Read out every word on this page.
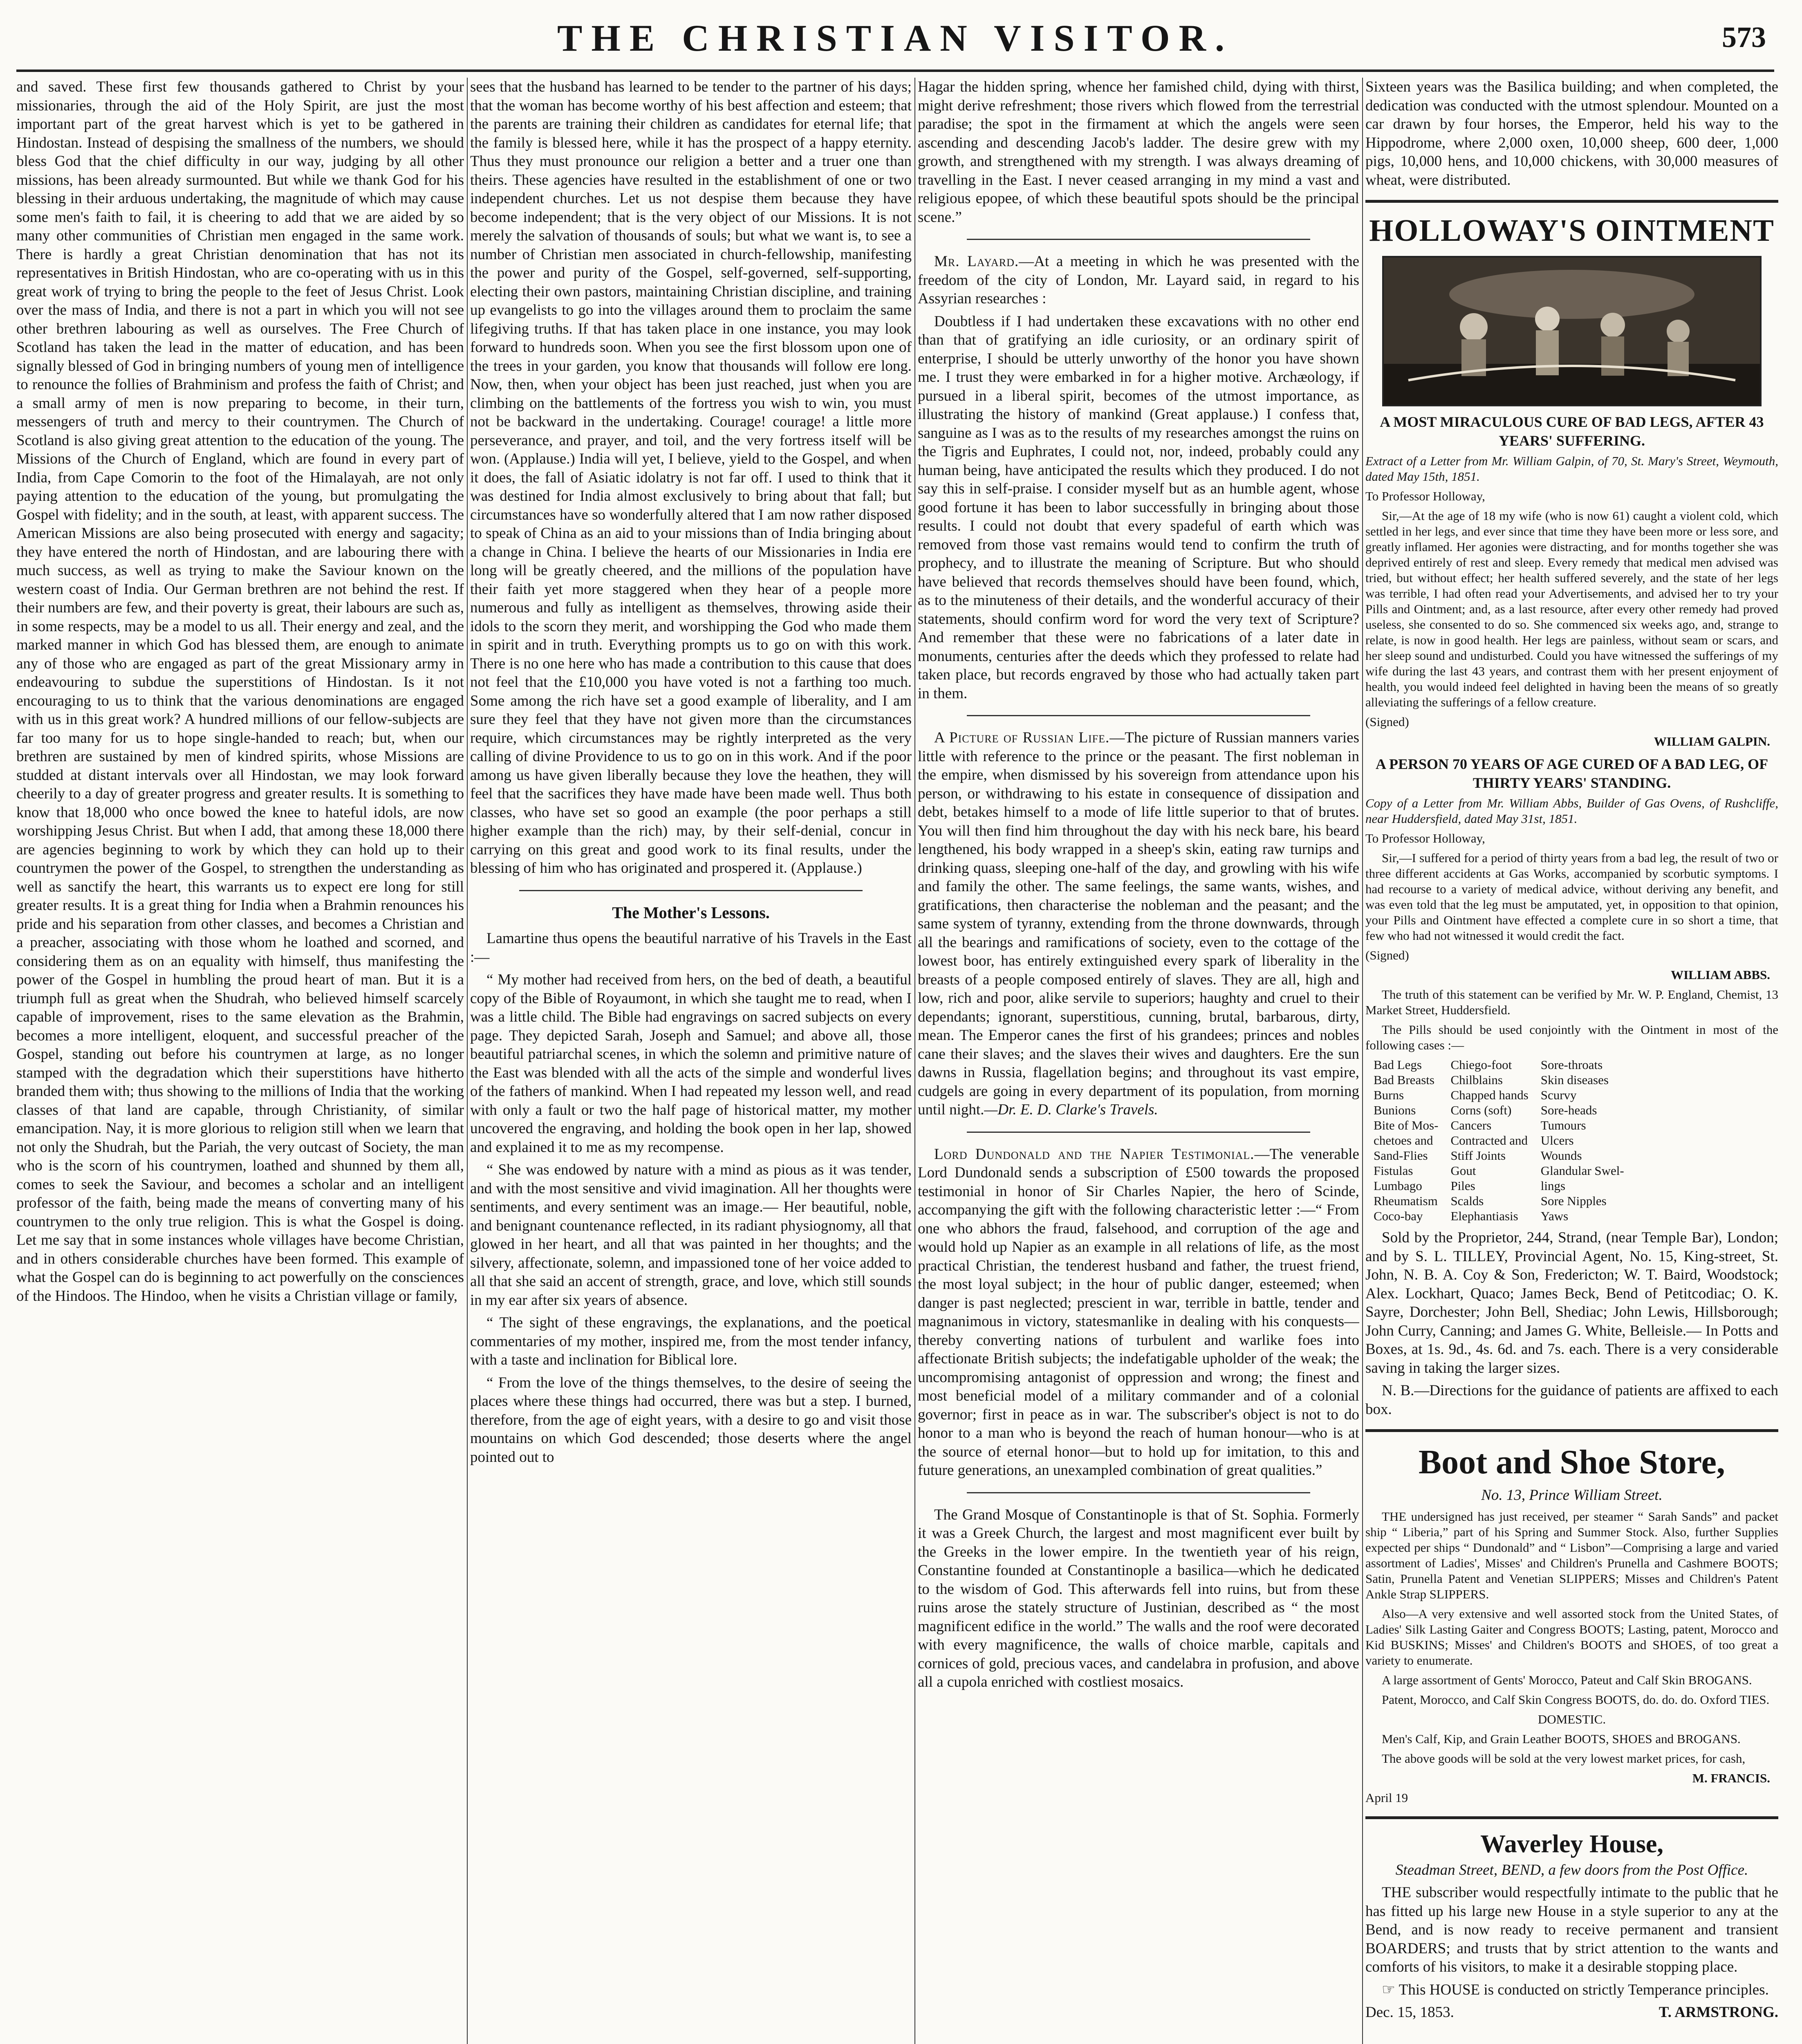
THE CHRISTIAN VISITOR.	573

and saved. These first few thousands gathered to Christ by your missionaries, through the aid of the Holy Spirit, are just the most important part of the great harvest which is yet to be gathered in Hindostan. Instead of despising the smallness of the numbers, we should bless God that the chief difficulty in our way, judging by all other missions, has been already surmounted. But while we thank God for his blessing in their arduous undertaking, the magnitude of which may cause some men's faith to fail, it is cheering to add that we are aided by so many other communities of Christian men engaged in the same work. There is hardly a great Christian denomination that has not its representatives in British Hindostan, who are co-operating with us in this great work of trying to bring the people to the feet of Jesus Christ. Look over the mass of India, and there is not a part in which you will not see other brethren labouring as well as ourselves. The Free Church of Scotland has taken the lead in the matter of education, and has been signally blessed of God in bringing numbers of young men of intelligence to renounce the follies of Brahminism and profess the faith of Christ; and a small army of men is now preparing to become, in their turn, messengers of truth and mercy to their countrymen. The Church of Scotland is also giving great attention to the education of the young. The Missions of the Church of England, which are found in every part of India, from Cape Comorin to the foot of the Himalayah, are not only paying attention to the education of the young, but promulgating the Gospel with fidelity; and in the south, at least, with apparent success. The American Missions are also being prosecuted with energy and sagacity; they have entered the north of Hindostan, and are labouring there with much success, as well as trying to make the Saviour known on the western coast of India. Our German brethren are not behind the rest. If their numbers are few, and their poverty is great, their labours are such as, in some respects, may be a model to us all. Their energy and zeal, and the marked manner in which God has blessed them, are enough to animate any of those who are engaged as part of the great Missionary army in endeavouring to subdue the superstitions of Hindostan. Is it not encouraging to us to think that the various denominations are engaged with us in this great work? A hundred millions of our fellow-subjects are far too many for us to hope single-handed to reach; but, when our brethren are sustained by men of kindred spirits, whose Missions are studded at distant intervals over all Hindostan, we may look forward cheerily to a day of greater progress and greater results. It is something to know that 18,000 who once bowed the knee to hateful idols, are now worshipping Jesus Christ. But when I add, that among these 18,000 there are agencies beginning to work by which they can hold up to their countrymen the power of the Gospel, to strengthen the understanding as well as sanctify the heart, this warrants us to expect ere long for still greater results. It is a great thing for India when a Brahmin renounces his pride and his separation from other classes, and becomes a Christian and a preacher, associating with those whom he loathed and scorned, and considering them as on an equality with himself, thus manifesting the power of the Gospel in humbling the proud heart of man. But it is a triumph full as great when the Shudrah, who believed himself scarcely capable of improvement, rises to the same elevation as the Brahmin, becomes a more intelligent, eloquent, and successful preacher of the Gospel, standing out before his countrymen at large, as no longer stamped with the degradation which their superstitions have hitherto branded them with; thus showing to the millions of India that the working classes of that land are capable, through Christianity, of similar emancipation. Nay, it is more glorious to religion still when we learn that not only the Shudrah, but the Pariah, the very outcast of Society, the man who is the scorn of his countrymen, loathed and shunned by them all, comes to seek the Saviour, and becomes a scholar and an intelligent professor of the faith, being made the means of converting many of his countrymen to the only true religion. This is what the Gospel is doing. Let me say that in some instances whole villages have become Christian, and in others considerable churches have been formed. This example of what the Gospel can do is beginning to act powerfully on the consciences of the Hindoos. The Hindoo, when he visits a Christian village or family,

sees that the husband has learned to be tender to the partner of his days; that the woman has become worthy of his best affection and esteem; that the parents are training their children as candidates for eternal life; that the family is blessed here, while it has the prospect of a happy eternity. Thus they must pronounce our religion a better and a truer one than theirs. These agencies have resulted in the establishment of one or two independent churches. Let us not despise them because they have become independent; that is the very object of our Missions. It is not merely the salvation of thousands of souls; but what we want is, to see a number of Christian men associated in church-fellowship, manifesting the power and purity of the Gospel, self-governed, self-supporting, electing their own pastors, maintaining Christian discipline, and training up evangelists to go into the villages around them to proclaim the same lifegiving truths. If that has taken place in one instance, you may look forward to hundreds soon. When you see the first blossom upon one of the trees in your garden, you know that thousands will follow ere long. Now, then, when your object has been just reached, just when you are climbing on the battlements of the fortress you wish to win, you must not be backward in the undertaking. Courage! courage! a little more perseverance, and prayer, and toil, and the very fortress itself will be won. (Applause.) India will yet, I believe, yield to the Gospel, and when it does, the fall of Asiatic idolatry is not far off. I used to think that it was destined for India almost exclusively to bring about that fall; but circumstances have so wonderfully altered that I am now rather disposed to speak of China as an aid to your missions than of India bringing about a change in China. I believe the hearts of our Missionaries in India ere long will be greatly cheered, and the millions of the population have their faith yet more staggered when they hear of a people more numerous and fully as intelligent as themselves, throwing aside their idols to the scorn they merit, and worshipping the God who made them in spirit and in truth. Everything prompts us to go on with this work. There is no one here who has made a contribution to this cause that does not feel that the £10,000 you have voted is not a farthing too much. Some among the rich have set a good example of liberality, and I am sure they feel that they have not given more than the circumstances require, which circumstances may be rightly interpreted as the very calling of divine Providence to us to go on in this work. And if the poor among us have given liberally because they love the heathen, they will feel that the sacrifices they have made have been made well. Thus both classes, who have set so good an example (the poor perhaps a still higher example than the rich) may, by their self-denial, concur in carrying on this great and good work to its final results, under the blessing of him who has originated and prospered it. (Applause.)

The Mother's Lessons.

Lamartine thus opens the beautiful narrative of his Travels in the East :—

“ My mother had received from hers, on the bed of death, a beautiful copy of the Bible of Royaumont, in which she taught me to read, when I was a little child. The Bible had engravings on sacred subjects on every page. They depicted Sarah, Joseph and Samuel; and above all, those beautiful patriarchal scenes, in which the solemn and primitive nature of the East was blended with all the acts of the simple and wonderful lives of the fathers of mankind. When I had repeated my lesson well, and read with only a fault or two the half page of historical matter, my mother uncovered the engraving, and holding the book open in her lap, showed and explained it to me as my recompense.

“ She was endowed by nature with a mind as pious as it was tender, and with the most sensitive and vivid imagination. All her thoughts were sentiments, and every sentiment was an image.— Her beautiful, noble, and benignant countenance reflected, in its radiant physiognomy, all that glowed in her heart, and all that was painted in her thoughts; and the silvery, affectionate, solemn, and impassioned tone of her voice added to all that she said an accent of strength, grace, and love, which still sounds in my ear after six years of absence.

“ The sight of these engravings, the explanations, and the poetical commentaries of my mother, inspired me, from the most tender infancy, with a taste and inclination for Biblical lore.

“ From the love of the things themselves, to the desire of seeing the places where these things had occurred, there was but a step. I burned, therefore, from the age of eight years, with a desire to go and visit those mountains on which God descended; those deserts where the angel pointed out to

Hagar the hidden spring, whence her famished child, dying with thirst, might derive refreshment; those rivers which flowed from the terrestrial paradise; the spot in the firmament at which the angels were seen ascending and descending Jacob's ladder. The desire grew with my growth, and strengthened with my strength. I was always dreaming of travelling in the East. I never ceased arranging in my mind a vast and religious epopee, of which these beautiful spots should be the principal scene.”

Mr. Layard.—At a meeting in which he was presented with the freedom of the city of London, Mr. Layard said, in regard to his Assyrian researches :

Doubtless if I had undertaken these excavations with no other end than that of gratifying an idle curiosity, or an ordinary spirit of enterprise, I should be utterly unworthy of the honor you have shown me. I trust they were embarked in for a higher motive. Archæology, if pursued in a liberal spirit, becomes of the utmost importance, as illustrating the history of mankind (Great applause.) I confess that, sanguine as I was as to the results of my researches amongst the ruins on the Tigris and Euphrates, I could not, nor, indeed, probably could any human being, have anticipated the results which they produced. I do not say this in self-praise. I consider myself but as an humble agent, whose good fortune it has been to labor successfully in bringing about those results. I could not doubt that every spadeful of earth which was removed from those vast remains would tend to confirm the truth of prophecy, and to illustrate the meaning of Scripture. But who should have believed that records themselves should have been found, which, as to the minuteness of their details, and the wonderful accuracy of their statements, should confirm word for word the very text of Scripture? And remember that these were no fabrications of a later date in monuments, centuries after the deeds which they professed to relate had taken place, but records engraved by those who had actually taken part in them.

A Picture of Russian Life.—The picture of Russian manners varies little with reference to the prince or the peasant. The first nobleman in the empire, when dismissed by his sovereign from attendance upon his person, or withdrawing to his estate in consequence of dissipation and debt, betakes himself to a mode of life little superior to that of brutes. You will then find him throughout the day with his neck bare, his beard lengthened, his body wrapped in a sheep's skin, eating raw turnips and drinking quass, sleeping one-half of the day, and growling with his wife and family the other. The same feelings, the same wants, wishes, and gratifications, then characterise the nobleman and the peasant; and the same system of tyranny, extending from the throne downwards, through all the bearings and ramifications of society, even to the cottage of the lowest boor, has entirely extinguished every spark of liberality in the breasts of a people composed entirely of slaves. They are all, high and low, rich and poor, alike servile to superiors; haughty and cruel to their dependants; ignorant, superstitious, cunning, brutal, barbarous, dirty, mean. The Emperor canes the first of his grandees; princes and nobles cane their slaves; and the slaves their wives and daughters. Ere the sun dawns in Russia, flagellation begins; and throughout its vast empire, cudgels are going in every department of its population, from morning until night.—Dr. E. D. Clarke's Travels.

Lord Dundonald and the Napier Testimonial.—The venerable Lord Dundonald sends a subscription of £500 towards the proposed testimonial in honor of Sir Charles Napier, the hero of Scinde, accompanying the gift with the following characteristic letter :—“ From one who abhors the fraud, falsehood, and corruption of the age and would hold up Napier as an example in all relations of life, as the most practical Christian, the tenderest husband and father, the truest friend, the most loyal subject; in the hour of public danger, esteemed; when danger is past neglected; prescient in war, terrible in battle, tender and magnanimous in victory, statesmanlike in dealing with his conquests—thereby converting nations of turbulent and warlike foes into affectionate British subjects; the indefatigable upholder of the weak; the uncompromising antagonist of oppression and wrong; the finest and most beneficial model of a military commander and of a colonial governor; first in peace as in war. The subscriber's object is not to do honor to a man who is beyond the reach of human honour—who is at the source of eternal honor—but to hold up for imitation, to this and future generations, an unexampled combination of great qualities.”

The Grand Mosque of Constantinople is that of St. Sophia. Formerly it was a Greek Church, the largest and most magnificent ever built by the Greeks in the lower empire. In the twentieth year of his reign, Constantine founded at Constantinople a basilica—which he dedicated to the wisdom of God. This afterwards fell into ruins, but from these ruins arose the stately structure of Justinian, described as “ the most magnificent edifice in the world.” The walls and the roof were decorated with every magnificence, the walls of choice marble, capitals and cornices of gold, precious vaces, and candelabra in profusion, and above all a cupola enriched with costliest mosaics.

Sixteen years was the Basilica building; and when completed, the dedication was conducted with the utmost splendour. Mounted on a car drawn by four horses, the Emperor, held his way to the Hippodrome, where 2,000 oxen, 10,000 sheep, 600 deer, 1,000 pigs, 10,000 hens, and 10,000 chickens, with 30,000 measures of wheat, were distributed.

HOLLOWAY'S OINTMENT
A MOST MIRACULOUS CURE OF BAD LEGS, AFTER 43 YEARS' SUFFERING.

Extract of a Letter from Mr. William Galpin, of 70, St. Mary's Street, Weymouth, dated May 15th, 1851.

To Professor Holloway,

Sir,—At the age of 18 my wife (who is now 61) caught a violent cold, which settled in her legs, and ever since that time they have been more or less sore, and greatly inflamed. Her agonies were distracting, and for months together she was deprived entirely of rest and sleep. Every remedy that medical men advised was tried, but without effect; her health suffered severely, and the state of her legs was terrible, I had often read your Advertisements, and advised her to try your Pills and Ointment; and, as a last resource, after every other remedy had proved useless, she consented to do so. She commenced six weeks ago, and, strange to relate, is now in good health. Her legs are painless, without seam or scars, and her sleep sound and undisturbed. Could you have witnessed the sufferings of my wife during the last 43 years, and contrast them with her present enjoyment of health, you would indeed feel delighted in having been the means of so greatly alleviating the sufferings of a fellow creature.

(Signed)

WILLIAM GALPIN.

A PERSON 70 YEARS OF AGE CURED OF A BAD LEG, OF THIRTY YEARS' STANDING.

Copy of a Letter from Mr. William Abbs, Builder of Gas Ovens, of Rushcliffe, near Huddersfield, dated May 31st, 1851.

To Professor Holloway,

Sir,—I suffered for a period of thirty years from a bad leg, the result of two or three different accidents at Gas Works, accompanied by scorbutic symptoms. I had recourse to a variety of medical advice, without deriving any benefit, and was even told that the leg must be amputated, yet, in opposition to that opinion, your Pills and Ointment have effected a complete cure in so short a time, that few who had not witnessed it would credit the fact.

(Signed)

WILLIAM ABBS.

The truth of this statement can be verified by Mr. W. P. England, Chemist, 13 Market Street, Huddersfield.

The Pills should be used conjointly with the Ointment in most of the following cases :—

Bad Legs
Bad Breasts
Burns
Bunions
Bite of Mos-
chetoes and
Sand-Flies
Fistulas
Lumbago
Rheumatism
Coco-bay
Chiego-foot
Chilblains
Chapped hands
Corns (soft)
Cancers
Contracted and
Stiff Joints
Gout
Piles
Scalds
Elephantiasis
Sore-throats
Skin diseases
Scurvy
Sore-heads
Tumours
Ulcers
Wounds
Glandular Swel-
lings
Sore Nipples
Yaws

Sold by the Proprietor, 244, Strand, (near Temple Bar), London; and by S. L. TILLEY, Provincial Agent, No. 15, King-street, St. John, N. B. A. Coy & Son, Fredericton; W. T. Baird, Woodstock; Alex. Lockhart, Quaco; James Beck, Bend of Petitcodiac; O. K. Sayre, Dorchester; John Bell, Shediac; John Lewis, Hillsborough; John Curry, Canning; and James G. White, Belleisle.— In Potts and Boxes, at 1s. 9d., 4s. 6d. and 7s. each. There is a very considerable saving in taking the larger sizes.

N. B.—Directions for the guidance of patients are affixed to each box.

Boot and Shoe Store,

No. 13, Prince William Street.

THE undersigned has just received, per steamer “ Sarah Sands” and packet ship “ Liberia,” part of his Spring and Summer Stock. Also, further Supplies expected per ships “ Dundonald” and “ Lisbon”—Comprising a large and varied assortment of Ladies', Misses' and Children's Prunella and Cashmere BOOTS; Satin, Prunella Patent and Venetian SLIPPERS; Misses and Children's Patent Ankle Strap SLIPPERS.

Also—A very extensive and well assorted stock from the United States, of Ladies' Silk Lasting Gaiter and Congress BOOTS; Lasting, patent, Morocco and Kid BUSKINS; Misses' and Children's BOOTS and SHOES, of too great a variety to enumerate.

A large assortment of Gents' Morocco, Pateut and Calf Skin BROGANS.

Patent, Morocco, and Calf Skin Congress BOOTS, do. do. do. Oxford TIES.

DOMESTIC.

Men's Calf, Kip, and Grain Leather BOOTS, SHOES and BROGANS.

The above goods will be sold at the very lowest market prices, for cash,

M. FRANCIS.

April 19

Waverley House,

Steadman Street, BEND, a few doors from the Post Office.

THE subscriber would respectfully intimate to the public that he has fitted up his large new House in a style superior to any at the Bend, and is now ready to receive permanent and transient BOARDERS; and trusts that by strict attention to the wants and comforts of his visitors, to make it a desirable stopping place.

☞ This HOUSE is conducted on strictly Temperance principles.

Dec. 15, 1853.	T. ARMSTRONG.
